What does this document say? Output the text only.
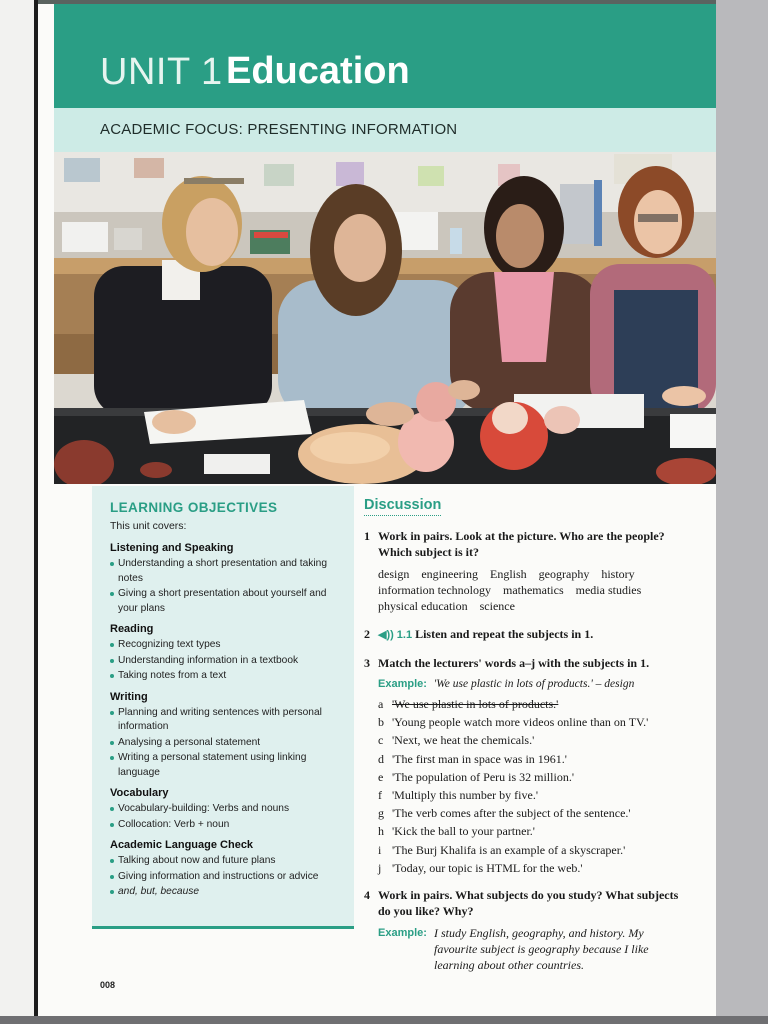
UNIT 1 Education
ACADEMIC FOCUS: PRESENTING INFORMATION

LEARNING OBJECTIVES

This unit covers:

Listening and Speaking

Understanding a short presentation and taking notes
Giving a short presentation about yourself and your plans

Reading

Recognizing text types
Understanding information in a textbook
Taking notes from a text

Writing

Planning and writing sentences with personal information
Analysing a personal statement
Writing a personal statement using linking language

Vocabulary

Vocabulary-building: Verbs and nouns
Collocation: Verb + noun

Academic Language Check

Talking about now and future plans
Giving information and instructions or advice
and, but, because
Discussion
1 Work in pairs. Look at the picture. Who are the people? Which subject is it?
design engineering English geography history information technology mathematics media studies physical education science
2 ◀)) 1.1 Listen and repeat the subjects in 1.
3 Match the lecturers' words a–j with the subjects in 1.
Example: 'We use plastic in lots of products.' – design
a 'We use plastic in lots of products.'
b 'Young people watch more videos online than on TV.'
c 'Next, we heat the chemicals.'
d 'The first man in space was in 1961.'
e 'The population of Peru is 32 million.'
f 'Multiply this number by five.'
g 'The verb comes after the subject of the sentence.'
h 'Kick the ball to your partner.'
i 'The Burj Khalifa is an example of a skyscraper.'
j 'Today, our topic is HTML for the web.'
4 Work in pairs. What subjects do you study? What subjects do you like? Why?
Example: I study English, geography, and history. My favourite subject is geography because I like learning about other countries.
008
